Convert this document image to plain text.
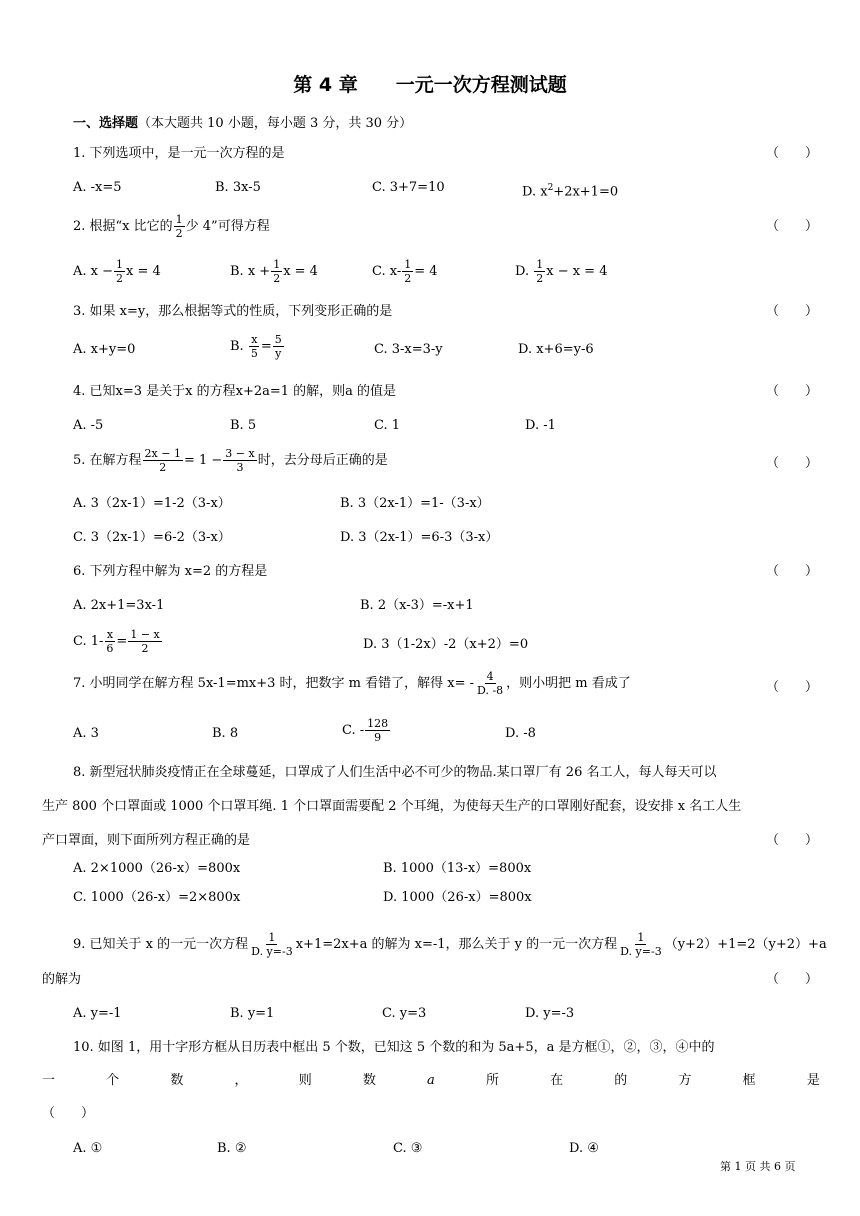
第 4 章　　一元一次方程测试题
一、选择题（本大题共 10 小题，每小题 3 分，共 30 分）
1. 下列选项中，是一元一次方程的是	（　　）
A. -x=5	B. 3x-5	C. 3+7=10	D. $x^2+2x+1=0$
2. 根据“x 比它的 $\frac{1}{2}$ 少 4”可得方程	（　　）
A. $x - \frac{1}{2}$ x = 4	B. $x + \frac{1}{2}$ x = 4	C. $x- \frac{1}{2} = 4$	D. $\frac{1}{2}$ x − x = 4
3. 如果 x=y，那么根据等式的性质，下列变形正确的是	（　　）
A. x+y=0	B. $\frac{x}{5} = \frac{5}{y}$	C. 3-x=3-y	D. x+6=y-6
4. 已知x=3 是关于x 的方程x+2a=1 的解，则a 的值是	（　　）
A. -5	B. 5	C. 1	D. -1
5. 在解方程 $\frac{2x - 1}{2} = 1 - \frac{3 - x}{3}$ 时，去分母后正确的是	（　　）
A. 3（2x-1）=1-2（3-x）	B. 3（2x-1）=1-（3-x）
C. 3（2x-1）=6-2（3-x）	D. 3（2x-1）=6-3（3-x）
6. 下列方程中解为 x=2 的方程是	（　　）
A. 2x+1=3x-1	B. 2（x-3）=-x+1
C. $1- \frac{x}{6} = \frac{1 - x}{2}$	D. 3（1-2x）-2（x+2）=0
7. 小明同学在解方程 5x-1=mx+3 时，把数字 m 看错了，解得 $x= - \frac{4}{D. -8}$ ，则小明把 m 看成了	（　　）
A. 3	B. 8	C. - $\frac{128}{9}$	D. -8
8. 新型冠状肺炎疫情正在全球蔓延，口罩成了人们生活中必不可少的物品.某口罩厂有 26 名工人，每人每天可以
生产 800 个口罩面或 1000 个口罩耳绳. 1 个口罩面需要配 2 个耳绳，为使每天生产的口罩刚好配套，设安排 x 名工人生
产口罩面，则下面所列方程正确的是	（　　）
A. 2×1000（26-x）=800x	B. 1000（13-x）=800x
C. 1000（26-x）=2×800x	D. 1000（26-x）=800x
9. 已知关于 x 的一元一次方程 $\frac{1}{D. y=-3} x+1=2x+a$ 的解为 x=-1，那么关于 y 的一元一次方程 $\frac{1}{D. y=-3} (y+2)+1=2(y+2)+a$
的解为	（　　）
A. y=-1	B. y=1	C. y=3	D. y=-3
10. 如图 1，用十字形方框从日历表中框出 5 个数，已知这 5 个数的和为 5a+5，a 是方框①，②，③，④中的
一	个	数	，	则	数	a	所	在	的	方	框	是
（　　）
A. ①	B. ②	C. ③	D. ④
第 1 页 共 6 页
